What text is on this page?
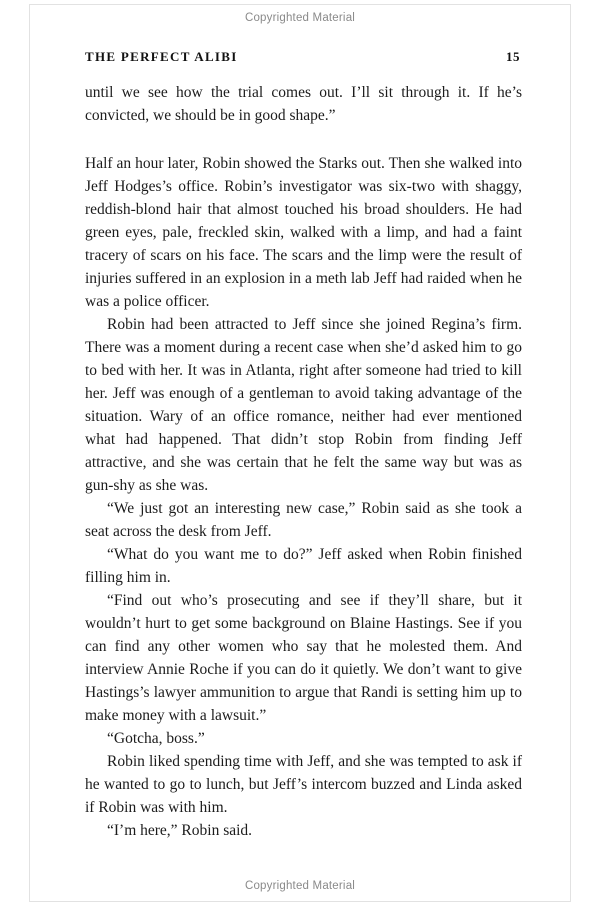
Copyrighted Material
THE PERFECT ALIBI	15

until we see how the trial comes out. I’ll sit through it. If he’s convicted, we should be in good shape.”

Half an hour later, Robin showed the Starks out. Then she walked into Jeff Hodges’s office. Robin’s investigator was six-two with shaggy, reddish-blond hair that almost touched his broad shoulders. He had green eyes, pale, freckled skin, walked with a limp, and had a faint tracery of scars on his face. The scars and the limp were the result of injuries suffered in an explosion in a meth lab Jeff had raided when he was a police officer.

Robin had been attracted to Jeff since she joined Regina’s firm. There was a moment during a recent case when she’d asked him to go to bed with her. It was in Atlanta, right after someone had tried to kill her. Jeff was enough of a gentleman to avoid taking advantage of the situation. Wary of an office romance, neither had ever mentioned what had happened. That didn’t stop Robin from finding Jeff attractive, and she was certain that he felt the same way but was as gun-shy as she was.

“We just got an interesting new case,” Robin said as she took a seat across the desk from Jeff.

“What do you want me to do?” Jeff asked when Robin finished filling him in.

“Find out who’s prosecuting and see if they’ll share, but it wouldn’t hurt to get some background on Blaine Hastings. See if you can find any other women who say that he molested them. And interview Annie Roche if you can do it quietly. We don’t want to give Hastings’s lawyer ammunition to argue that Randi is setting him up to make money with a lawsuit.”

“Gotcha, boss.”

Robin liked spending time with Jeff, and she was tempted to ask if he wanted to go to lunch, but Jeff’s intercom buzzed and Linda asked if Robin was with him.

“I’m here,” Robin said.

Copyrighted Material
